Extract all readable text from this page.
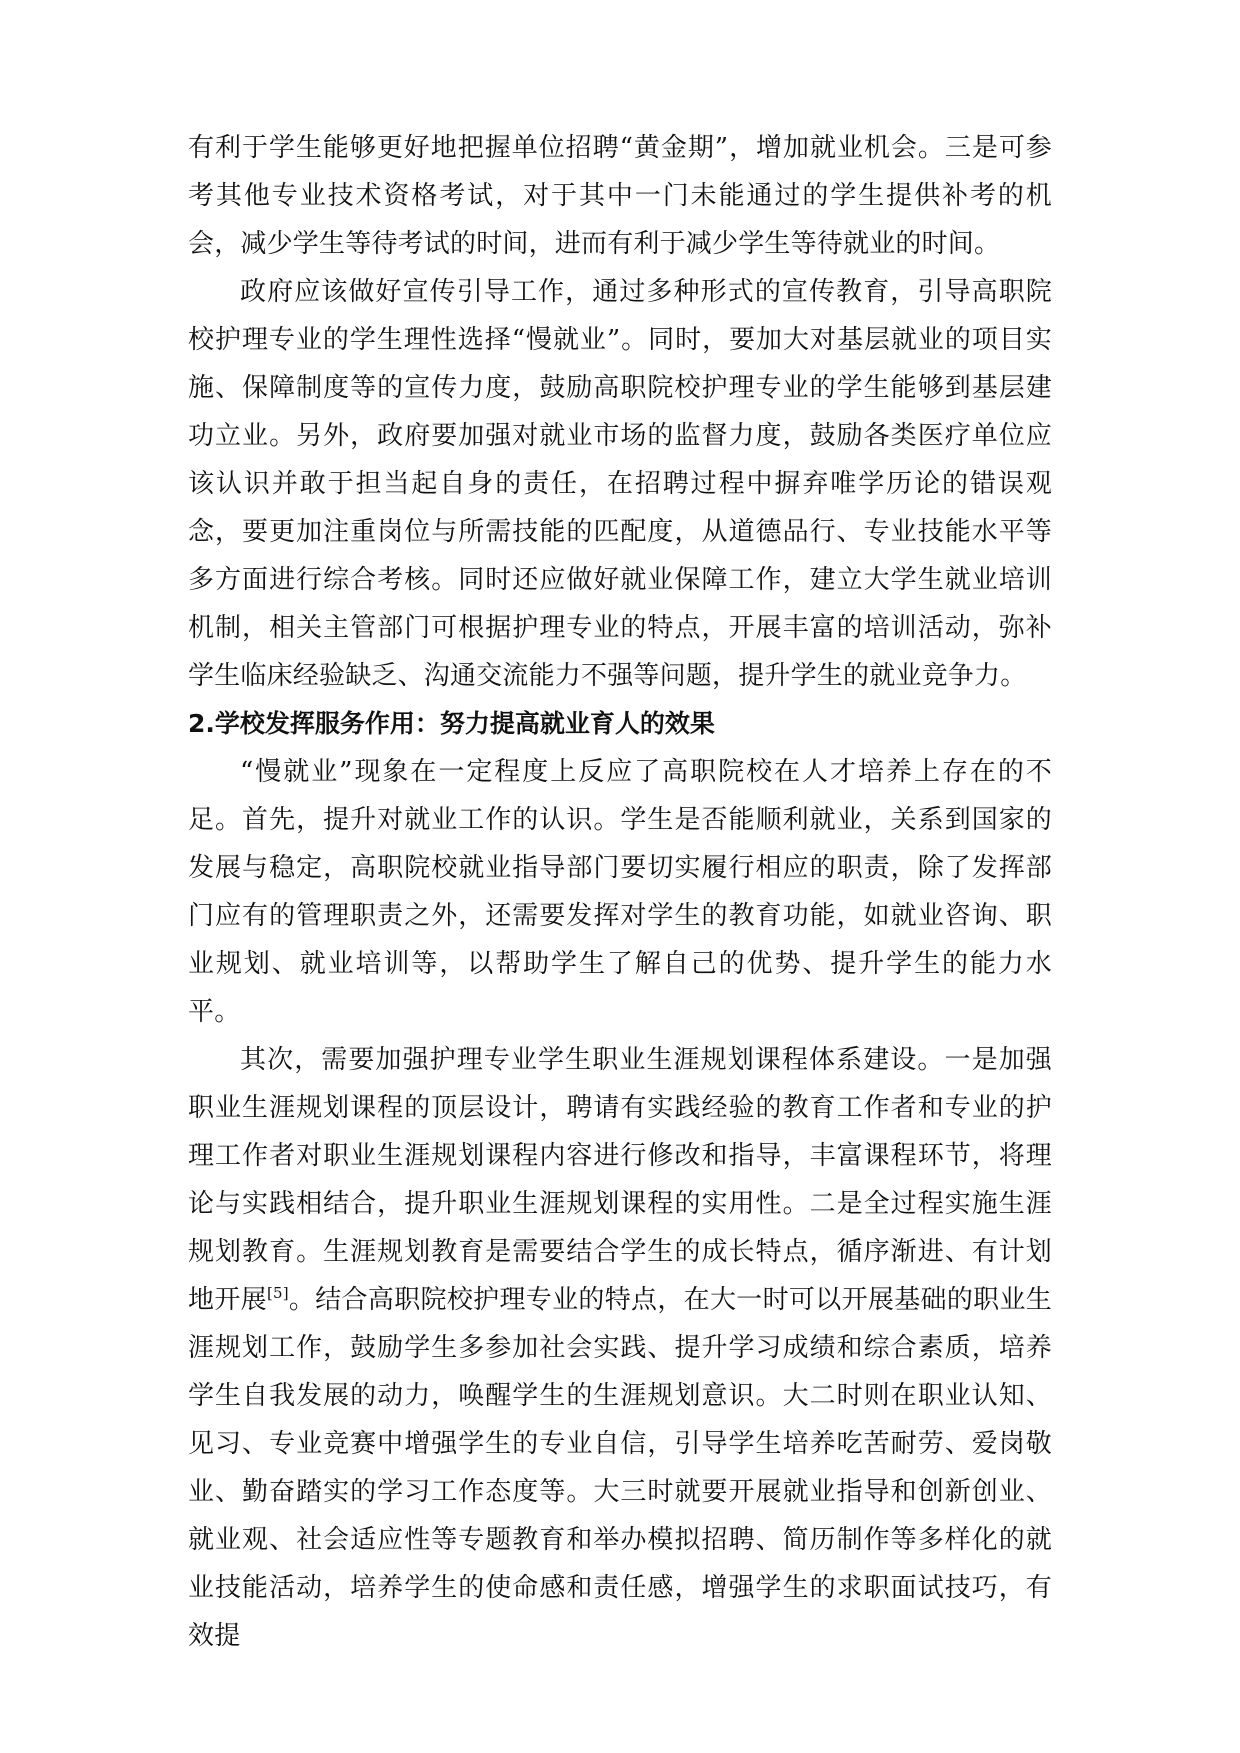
有利于学生能够更好地把握单位招聘“黄金期”，增加就业机会。三是可参考其他专业技术资格考试，对于其中一门未能通过的学生提供补考的机会，减少学生等待考试的时间，进而有利于减少学生等待就业的时间。

政府应该做好宣传引导工作，通过多种形式的宣传教育，引导高职院校护理专业的学生理性选择“慢就业”。同时，要加大对基层就业的项目实施、保障制度等的宣传力度，鼓励高职院校护理专业的学生能够到基层建功立业。另外，政府要加强对就业市场的监督力度，鼓励各类医疗单位应该认识并敢于担当起自身的责任，在招聘过程中摒弃唯学历论的错误观念，要更加注重岗位与所需技能的匹配度，从道德品行、专业技能水平等多方面进行综合考核。同时还应做好就业保障工作，建立大学生就业培训机制，相关主管部门可根据护理专业的特点，开展丰富的培训活动，弥补学生临床经验缺乏、沟通交流能力不强等问题，提升学生的就业竞争力。

2.学校发挥服务作用：努力提高就业育人的效果

“慢就业”现象在一定程度上反应了高职院校在人才培养上存在的不足。首先，提升对就业工作的认识。学生是否能顺利就业，关系到国家的发展与稳定，高职院校就业指导部门要切实履行相应的职责，除了发挥部门应有的管理职责之外，还需要发挥对学生的教育功能，如就业咨询、职业规划、就业培训等，以帮助学生了解自己的优势、提升学生的能力水平。

其次，需要加强护理专业学生职业生涯规划课程体系建设。一是加强职业生涯规划课程的顶层设计，聘请有实践经验的教育工作者和专业的护理工作者对职业生涯规划课程内容进行修改和指导，丰富课程环节，将理论与实践相结合，提升职业生涯规划课程的实用性。二是全过程实施生涯规划教育。生涯规划教育是需要结合学生的成长特点，循序渐进、有计划地开展[5]。结合高职院校护理专业的特点，在大一时可以开展基础的职业生涯规划工作，鼓励学生多参加社会实践、提升学习成绩和综合素质，培养学生自我发展的动力，唤醒学生的生涯规划意识。大二时则在职业认知、见习、专业竞赛中增强学生的专业自信，引导学生培养吃苦耐劳、爱岗敬业、勤奋踏实的学习工作态度等。大三时就要开展就业指导和创新创业、就业观、社会适应性等专题教育和举办模拟招聘、简历制作等多样化的就业技能活动，培养学生的使命感和责任感，增强学生的求职面试技巧，有效提
